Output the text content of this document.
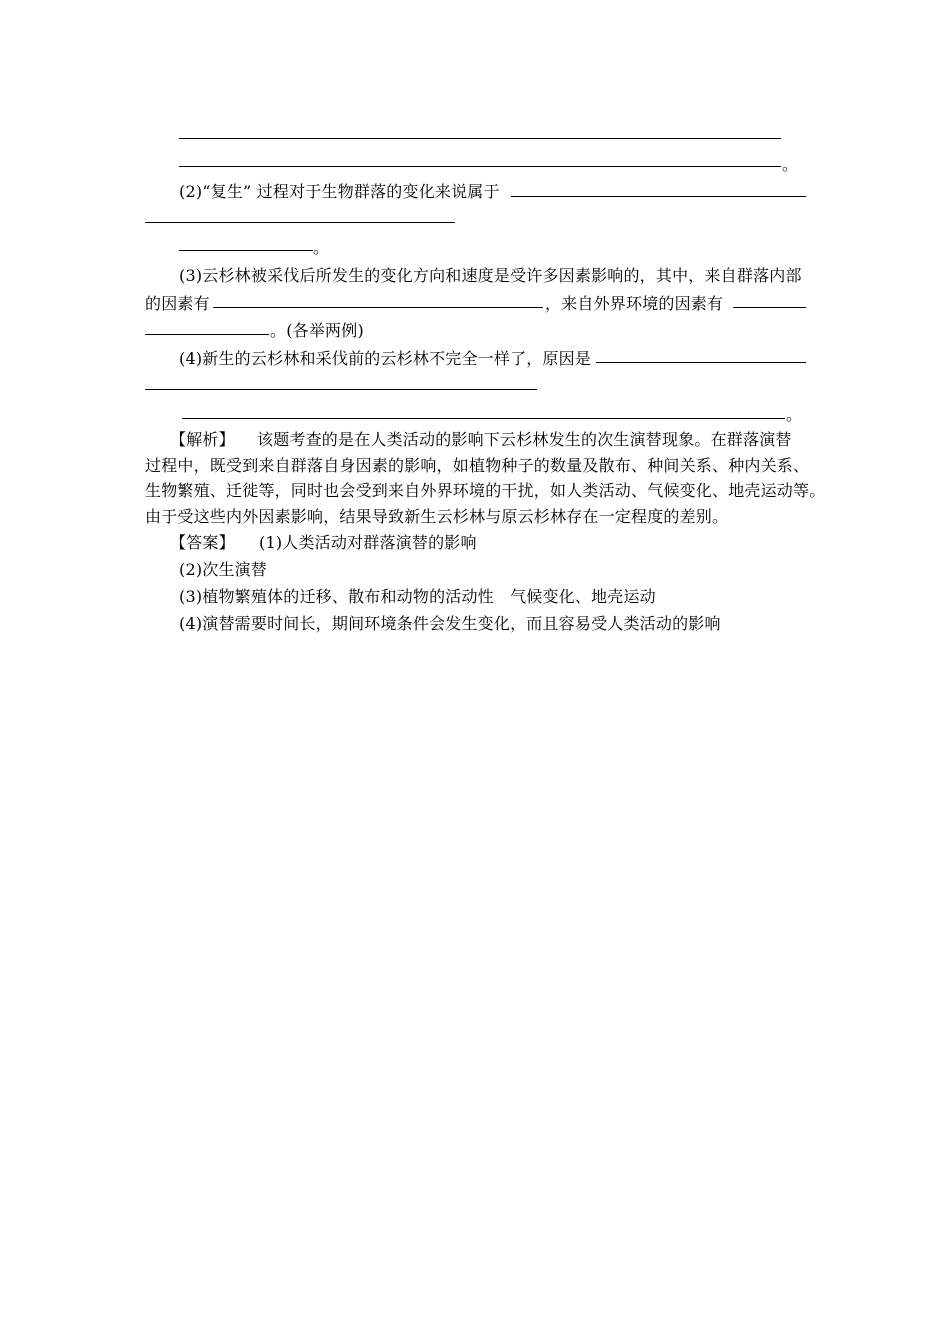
。
(2)“复生” 过程对于生物群落的变化来说属于
。
(3)云杉林被采伐后所发生的变化方向和速度是受许多因素影响的，其中，来自群落内部
的因素有	，来自外界环境的因素有
。(各举两例)
(4)新生的云杉林和采伐前的云杉林不完全一样了，原因是
。
【解析】 该题考查的是在人类活动的影响下云杉林发生的次生演替现象。在群落演替
过程中，既受到来自群落自身因素的影响，如植物种子的数量及散布、种间关系、种内关系、
生物繁殖、迁徙等，同时也会受到来自外界环境的干扰，如人类活动、气候变化、地壳运动等。
由于受这些内外因素影响，结果导致新生云杉林与原云杉林存在一定程度的差别。
【答案】 (1)人类活动对群落演替的影响
(2)次生演替
(3)植物繁殖体的迁移、散布和动物的活动性　气候变化、地壳运动
(4)演替需要时间长，期间环境条件会发生变化，而且容易受人类活动的影响
